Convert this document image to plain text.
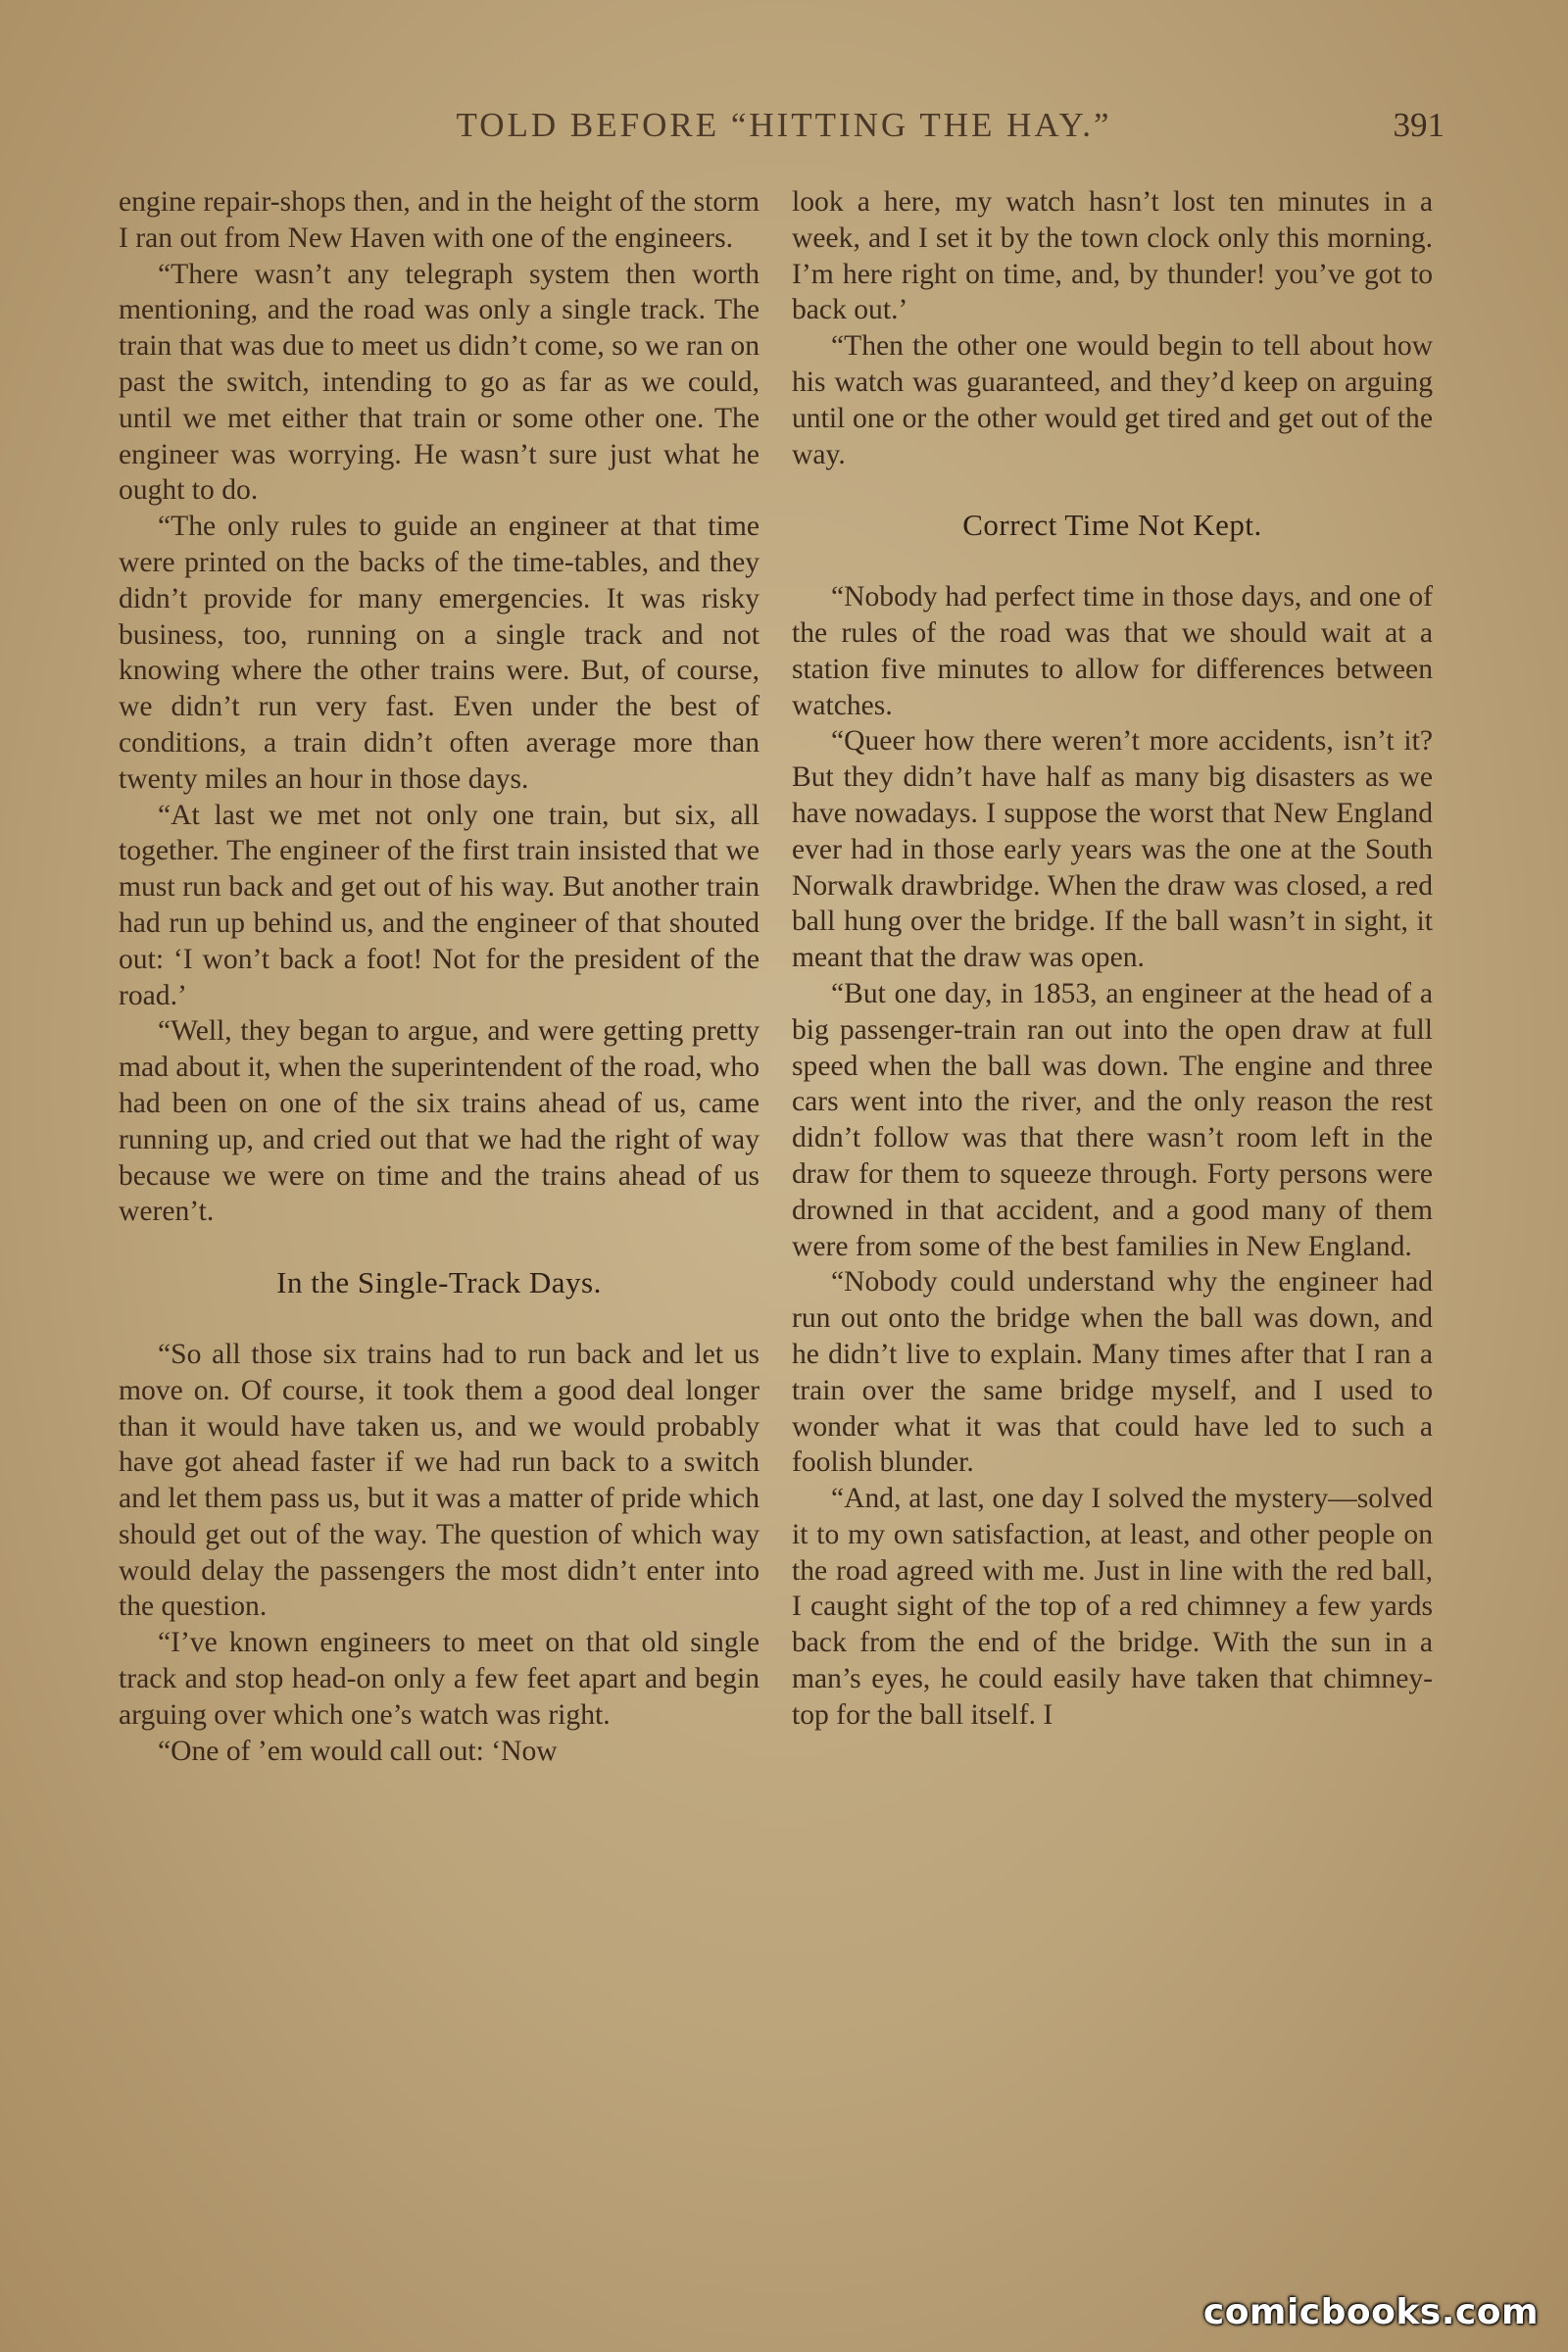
TOLD BEFORE “HITTING THE HAY.”	391

engine repair-shops then, and in the height of the storm I ran out from New Haven with one of the engineers.

“There wasn’t any telegraph system then worth mentioning, and the road was only a single track. The train that was due to meet us didn’t come, so we ran on past the switch, intending to go as far as we could, until we met either that train or some other one. The engineer was worrying. He wasn’t sure just what he ought to do.

“The only rules to guide an engineer at that time were printed on the backs of the time-tables, and they didn’t provide for many emergencies. It was risky business, too, running on a single track and not knowing where the other trains were. But, of course, we didn’t run very fast. Even under the best of conditions, a train didn’t often average more than twenty miles an hour in those days.

“At last we met not only one train, but six, all together. The engineer of the first train insisted that we must run back and get out of his way. But another train had run up behind us, and the engineer of that shouted out: ‘I won’t back a foot! Not for the president of the road.’

“Well, they began to argue, and were getting pretty mad about it, when the superintendent of the road, who had been on one of the six trains ahead of us, came running up, and cried out that we had the right of way because we were on time and the trains ahead of us weren’t.

In the Single-Track Days.

“So all those six trains had to run back and let us move on. Of course, it took them a good deal longer than it would have taken us, and we would probably have got ahead faster if we had run back to a switch and let them pass us, but it was a matter of pride which should get out of the way. The question of which way would delay the passengers the most didn’t enter into the question.

“I’ve known engineers to meet on that old single track and stop head-on only a few feet apart and begin arguing over which one’s watch was right.

“One of ’em would call out: ‘Now

look a here, my watch hasn’t lost ten minutes in a week, and I set it by the town clock only this morning. I’m here right on time, and, by thunder! you’ve got to back out.’

“Then the other one would begin to tell about how his watch was guaranteed, and they’d keep on arguing until one or the other would get tired and get out of the way.

Correct Time Not Kept.

“Nobody had perfect time in those days, and one of the rules of the road was that we should wait at a station five minutes to allow for differences between watches.

“Queer how there weren’t more accidents, isn’t it? But they didn’t have half as many big disasters as we have nowadays. I suppose the worst that New England ever had in those early years was the one at the South Norwalk drawbridge. When the draw was closed, a red ball hung over the bridge. If the ball wasn’t in sight, it meant that the draw was open.

“But one day, in 1853, an engineer at the head of a big passenger-train ran out into the open draw at full speed when the ball was down. The engine and three cars went into the river, and the only reason the rest didn’t follow was that there wasn’t room left in the draw for them to squeeze through. Forty persons were drowned in that accident, and a good many of them were from some of the best families in New England.

“Nobody could understand why the engineer had run out onto the bridge when the ball was down, and he didn’t live to explain. Many times after that I ran a train over the same bridge myself, and I used to wonder what it was that could have led to such a foolish blunder.

“And, at last, one day I solved the mystery—solved it to my own satisfaction, at least, and other people on the road agreed with me. Just in line with the red ball, I caught sight of the top of a red chimney a few yards back from the end of the bridge. With the sun in a man’s eyes, he could easily have taken that chimney-top for the ball itself. I

comicbooks.com
